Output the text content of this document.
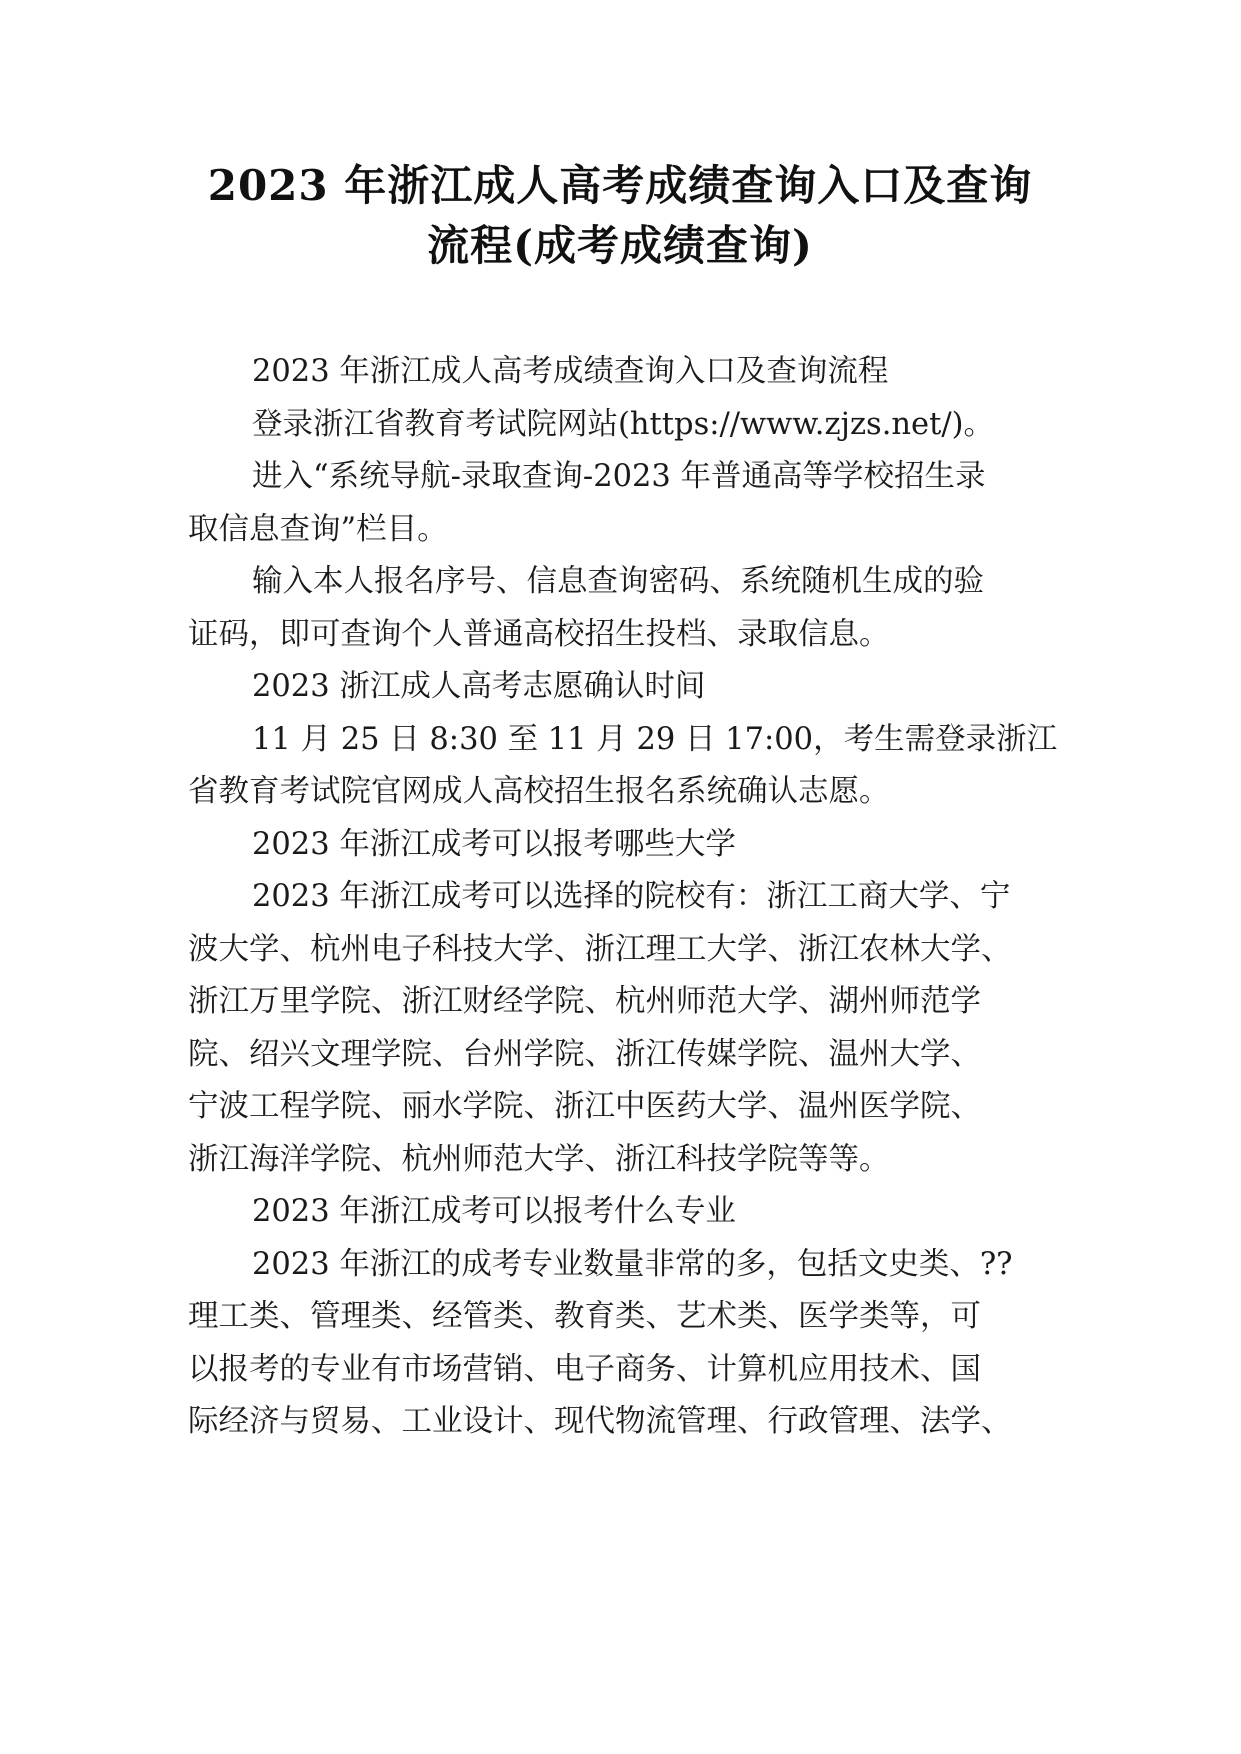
2023 年浙江成人高考成绩查询入口及查询
流程(成考成绩查询)
2023 年浙江成人高考成绩查询入口及查询流程
登录浙江省教育考试院网站(https://www.zjzs.net/)。
进入“系统导航-录取查询-2023 年普通高等学校招生录
取信息查询”栏目。
输入本人报名序号、信息查询密码、系统随机生成的验
证码，即可查询个人普通高校招生投档、录取信息。
2023 浙江成人高考志愿确认时间
11 月 25 日 8:30 至 11 月 29 日 17:00，考生需登录浙江
省教育考试院官网成人高校招生报名系统确认志愿。
2023 年浙江成考可以报考哪些大学
2023 年浙江成考可以选择的院校有：浙江工商大学、宁
波大学、杭州电子科技大学、浙江理工大学、浙江农林大学、
浙江万里学院、浙江财经学院、杭州师范大学、湖州师范学
院、绍兴文理学院、台州学院、浙江传媒学院、温州大学、
宁波工程学院、丽水学院、浙江中医药大学、温州医学院、
浙江海洋学院、杭州师范大学、浙江科技学院等等。
2023 年浙江成考可以报考什么专业
2023 年浙江的成考专业数量非常的多，包括文史类、??
理工类、管理类、经管类、教育类、艺术类、医学类等，可
以报考的专业有市场营销、电子商务、计算机应用技术、国
际经济与贸易、工业设计、现代物流管理、行政管理、法学、
